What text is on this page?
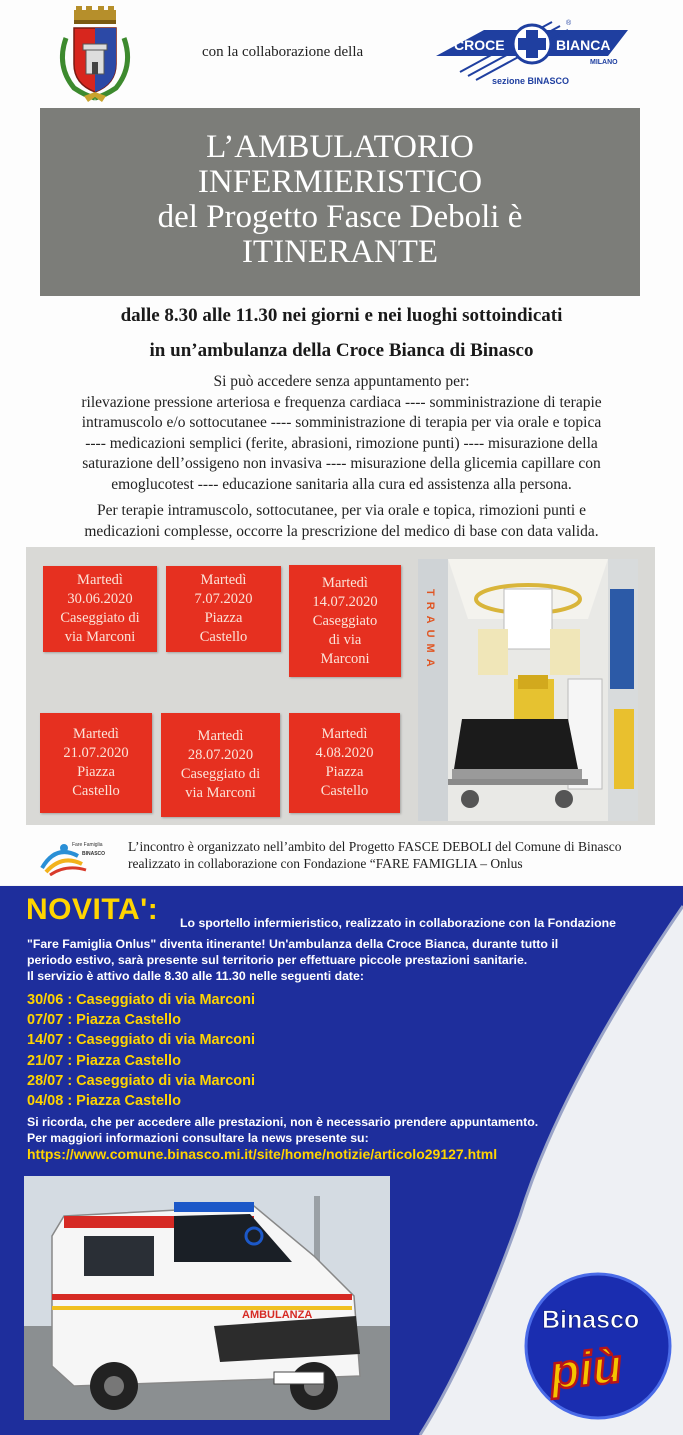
con la collaborazione della	CROCE	BIANCA
MILANO
sezione BINASCO
®
L’AMBULATORIO
INFERMIERISTICO
del Progetto Fasce Deboli è
ITINERANTE
dalle 8.30 alle 11.30 nei giorni e nei luoghi sottoindicati
in un’ambulanza della Croce Bianca di Binasco
Si può accedere senza appuntamento per:
rilevazione pressione arteriosa e frequenza cardiaca ---- somministrazione di terapie
intramuscolo e/o sottocutanee ---- somministrazione di terapia per via orale e topica
---- medicazioni semplici (ferite, abrasioni, rimozione punti) ---- misurazione della
saturazione dell’ossigeno non invasiva ---- misurazione della glicemia capillare con
emoglucotest ---- educazione sanitaria alla cura ed assistenza alla persona.
Per terapie intramuscolo, sottocutanee, per via orale e topica, rimozioni punti e
medicazioni complesse, occorre la prescrizione del medico di base con data valida.
Martedì
30.06.2020
Caseggiato di
via Marconi
Martedì
7.07.2020
Piazza
Castello
Martedì
14.07.2020
Caseggiato
di via
Marconi
Martedì
21.07.2020
Piazza
Castello
Martedì
28.07.2020
Caseggiato di
via Marconi
Martedì
4.08.2020
Piazza
Castello
TRAUMA
Fare Famiglia
BINASCO L’incontro è organizzato nell’ambito del Progetto FASCE DEBOLI del Comune di Binasco
realizzato in collaborazione con Fondazione “FARE FAMIGLIA – Onlus
NOVITA': Lo sportello infermieristico, realizzato in collaborazione con la Fondazione
"Fare Famiglia Onlus" diventa itinerante! Un'ambulanza della Croce Bianca, durante tutto il
periodo estivo, sarà presente sul territorio per effettuare piccole prestazioni sanitarie.
Il servizio è attivo dalle 8.30 alle 11.30 nelle seguenti date:
30/06 : Caseggiato di via Marconi
07/07 : Piazza Castello
14/07 : Caseggiato di via Marconi
21/07 : Piazza Castello
28/07 : Caseggiato di via Marconi
04/08 : Piazza Castello
Si ricorda, che per accedere alle prestazioni, non è necessario prendere appuntamento.
Per maggiori informazioni consultare la news presente su:
https://www.comune.binasco.mi.it/site/home/notizie/articolo29127.html
AMBULANZA	Binasco
più
